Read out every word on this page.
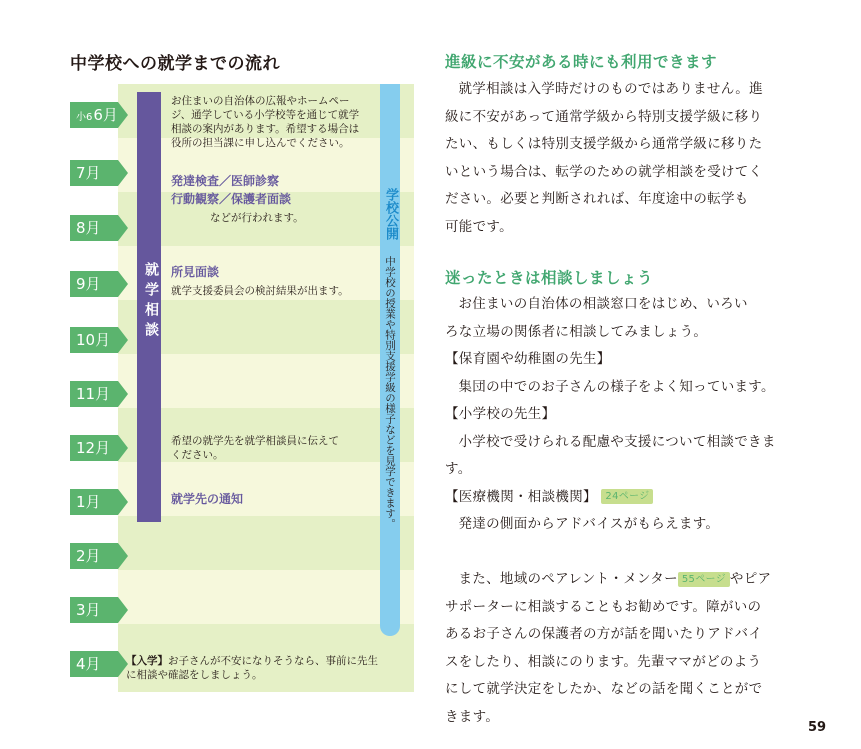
中学校への就学までの流れ
小66月
7月
8月
9月
10月
11月
12月
1月
2月
3月
4月
就学相談
学校公開
中学校の授業や特別支援学級の様子などを見学できます。
お住まいの自治体の広報やホームペー
ジ、通学している小学校等を通じて就学
相談の案内があります。希望する場合は
役所の担当課に申し込んでください。
発達検査／医師診察
行動観察／保護者面談
などが行われます。
所見面談
就学支援委員会の検討結果が出ます。
希望の就学先を就学相談員に伝えて
ください。
就学先の通知
【入学】お子さんが不安になりそうなら、事前に先生
に相談や確認をしましょう。
進級に不安がある時にも利用できます

就学相談は入学時だけのものではありません。進

級に不安があって通常学級から特別支援学級に移り

たい、もしくは特別支援学級から通常学級に移りた

いという場合は、転学のための就学相談を受けてく

ださい。必要と判断されれば、年度途中の転学も

可能です。

迷ったときは相談しましょう

お住まいの自治体の相談窓口をはじめ、いろい

ろな立場の関係者に相談してみましょう。

【保育園や幼稚園の先生】

集団の中でのお子さんの様子をよく知っています。

【小学校の先生】

小学校で受けられる配慮や支援について相談できます。

【医療機関・相談機関】 24ページ

発達の側面からアドバイスがもらえます。

また、地域のペアレント・メンター 55ページ やピア

サポーターに相談することもお勧めです。障がいの

あるお子さんの保護者の方が話を聞いたりアドバイ

スをしたり、相談にのります。先輩ママがどのよう

にして就学決定をしたか、などの話を聞くことがで

きます。

59
